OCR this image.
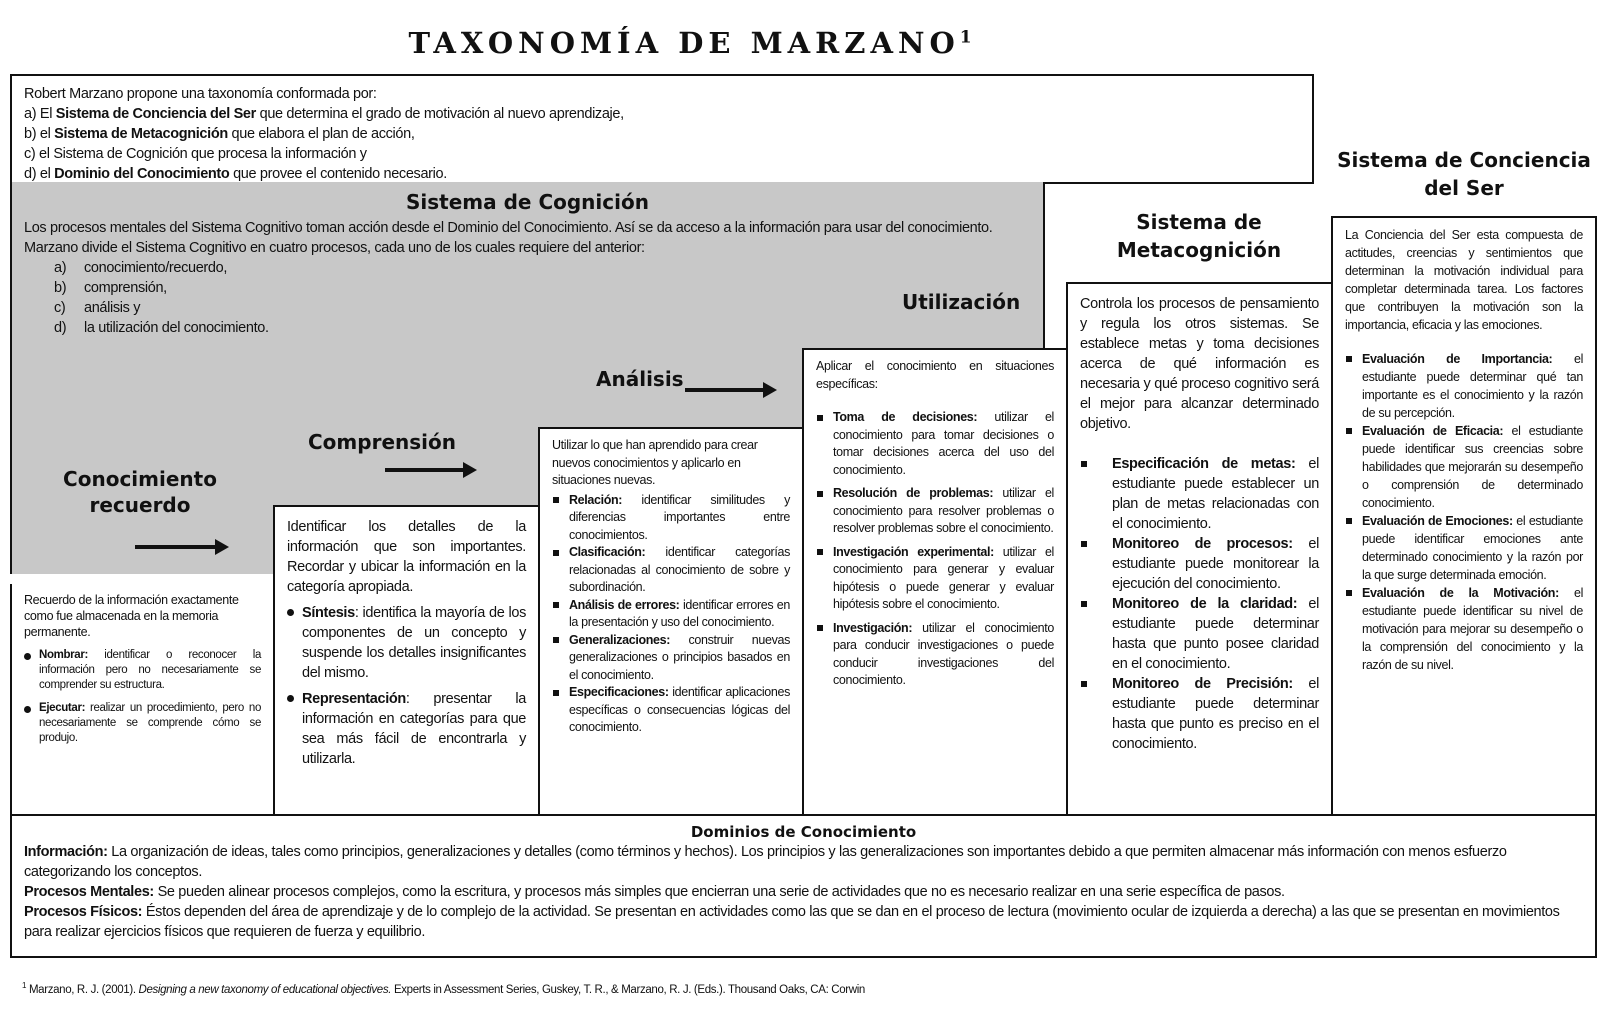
TAXONOMÍA DE MARZANO$^1$
Robert Marzano propone una taxonomía conformada por:
a) El Sistema de Conciencia del Ser que determina el grado de motivación al nuevo aprendizaje,
b) el Sistema de Metacognición que elabora el plan de acción,
c) el Sistema de Cognición que procesa la información y
d) el Dominio del Conocimiento que provee el contenido necesario.
Sistema de Cognición
Los procesos mentales del Sistema Cognitivo toman acción desde el Dominio del Conocimiento. Así se da acceso a la información para usar del conocimiento.
Marzano divide el Sistema Cognitivo en cuatro procesos, cada uno de los cuales requiere del anterior:
a) conocimiento/recuerdo,
b) comprensión,
c) análisis y
d) la utilización del conocimiento.
Conocimiento
recuerdo
Comprensión
Análisis
Utilización
Recuerdo de la información exactamente como fue almacenada en la memoria permanente.
Nombrar: identificar o reconocer la información pero no necesariamente se comprender su estructura.
Ejecutar: realizar un procedimiento, pero no necesariamente se comprende cómo se produjo.
Identificar los detalles de la información que son importantes. Recordar y ubicar la información en la categoría apropiada.
Síntesis: identifica la mayoría de los componentes de un concepto y suspende los detalles insignificantes del mismo.
Representación: presentar la información en categorías para que sea más fácil de encontrarla y utilizarla.
Utilizar lo que han aprendido para crear nuevos conocimientos y aplicarlo en situaciones nuevas.
Relación: identificar similitudes y diferencias importantes entre conocimientos.
Clasificación: identificar categorías relacionadas al conocimiento de sobre y subordinación.
Análisis de errores: identificar errores en la presentación y uso del conocimiento.
Generalizaciones: construir nuevas generalizaciones o principios basados en el conocimiento.
Especificaciones: identificar aplicaciones específicas o consecuencias lógicas del conocimiento.
Aplicar el conocimiento en situaciones específicas:
Toma de decisiones: utilizar el conocimiento para tomar decisiones o tomar decisiones acerca del uso del conocimiento.
Resolución de problemas: utilizar el conocimiento para resolver problemas o resolver problemas sobre el conocimiento.
Investigación experimental: utilizar el conocimiento para generar y evaluar hipótesis o puede generar y evaluar hipótesis sobre el conocimiento.
Investigación: utilizar el conocimiento para conducir investigaciones o puede conducir investigaciones del conocimiento.
Sistema de
Metacognición
Controla los procesos de pensamiento y regula los otros sistemas. Se establece metas y toma decisiones acerca de qué información es necesaria y qué proceso cognitivo será el mejor para alcanzar determinado objetivo.
Especificación de metas: el estudiante puede establecer un plan de metas relacionadas con el conocimiento.
Monitoreo de procesos: el estudiante puede monitorear la ejecución del conocimiento.
Monitoreo de la claridad: el estudiante puede determinar hasta que punto posee claridad en el conocimiento.
Monitoreo de Precisión: el estudiante puede determinar hasta que punto es preciso en el conocimiento.
Sistema de Conciencia
del Ser
La Conciencia del Ser esta compuesta de actitudes, creencias y sentimientos que determinan la motivación individual para completar determinada tarea. Los factores que contribuyen la motivación son la importancia, eficacia y las emociones.
Evaluación de Importancia: el estudiante puede determinar qué tan importante es el conocimiento y la razón de su percepción.
Evaluación de Eficacia: el estudiante puede identificar sus creencias sobre habilidades que mejorarán su desempeño o comprensión de determinado conocimiento.
Evaluación de Emociones: el estudiante puede identificar emociones ante determinado conocimiento y la razón por la que surge determinada emoción.
Evaluación de la Motivación: el estudiante puede identificar su nivel de motivación para mejorar su desempeño o la comprensión del conocimiento y la razón de su nivel.
Dominios de Conocimiento
Información: La organización de ideas, tales como principios, generalizaciones y detalles (como términos y hechos). Los principios y las generalizaciones son importantes debido a que permiten almacenar más información con menos esfuerzo categorizando los conceptos.
Procesos Mentales: Se pueden alinear procesos complejos, como la escritura, y procesos más simples que encierran una serie de actividades que no es necesario realizar en una serie específica de pasos.
Procesos Físicos: Éstos dependen del área de aprendizaje y de lo complejo de la actividad. Se presentan en actividades como las que se dan en el proceso de lectura (movimiento ocular de izquierda a derecha) a las que se presentan en movimientos para realizar ejercicios físicos que requieren de fuerza y equilibrio.
$^1$ Marzano, R. J. (2001). Designing a new taxonomy of educational objectives. Experts in Assessment Series, Guskey, T. R., & Marzano, R. J. (Eds.). Thousand Oaks, CA: Corwin
